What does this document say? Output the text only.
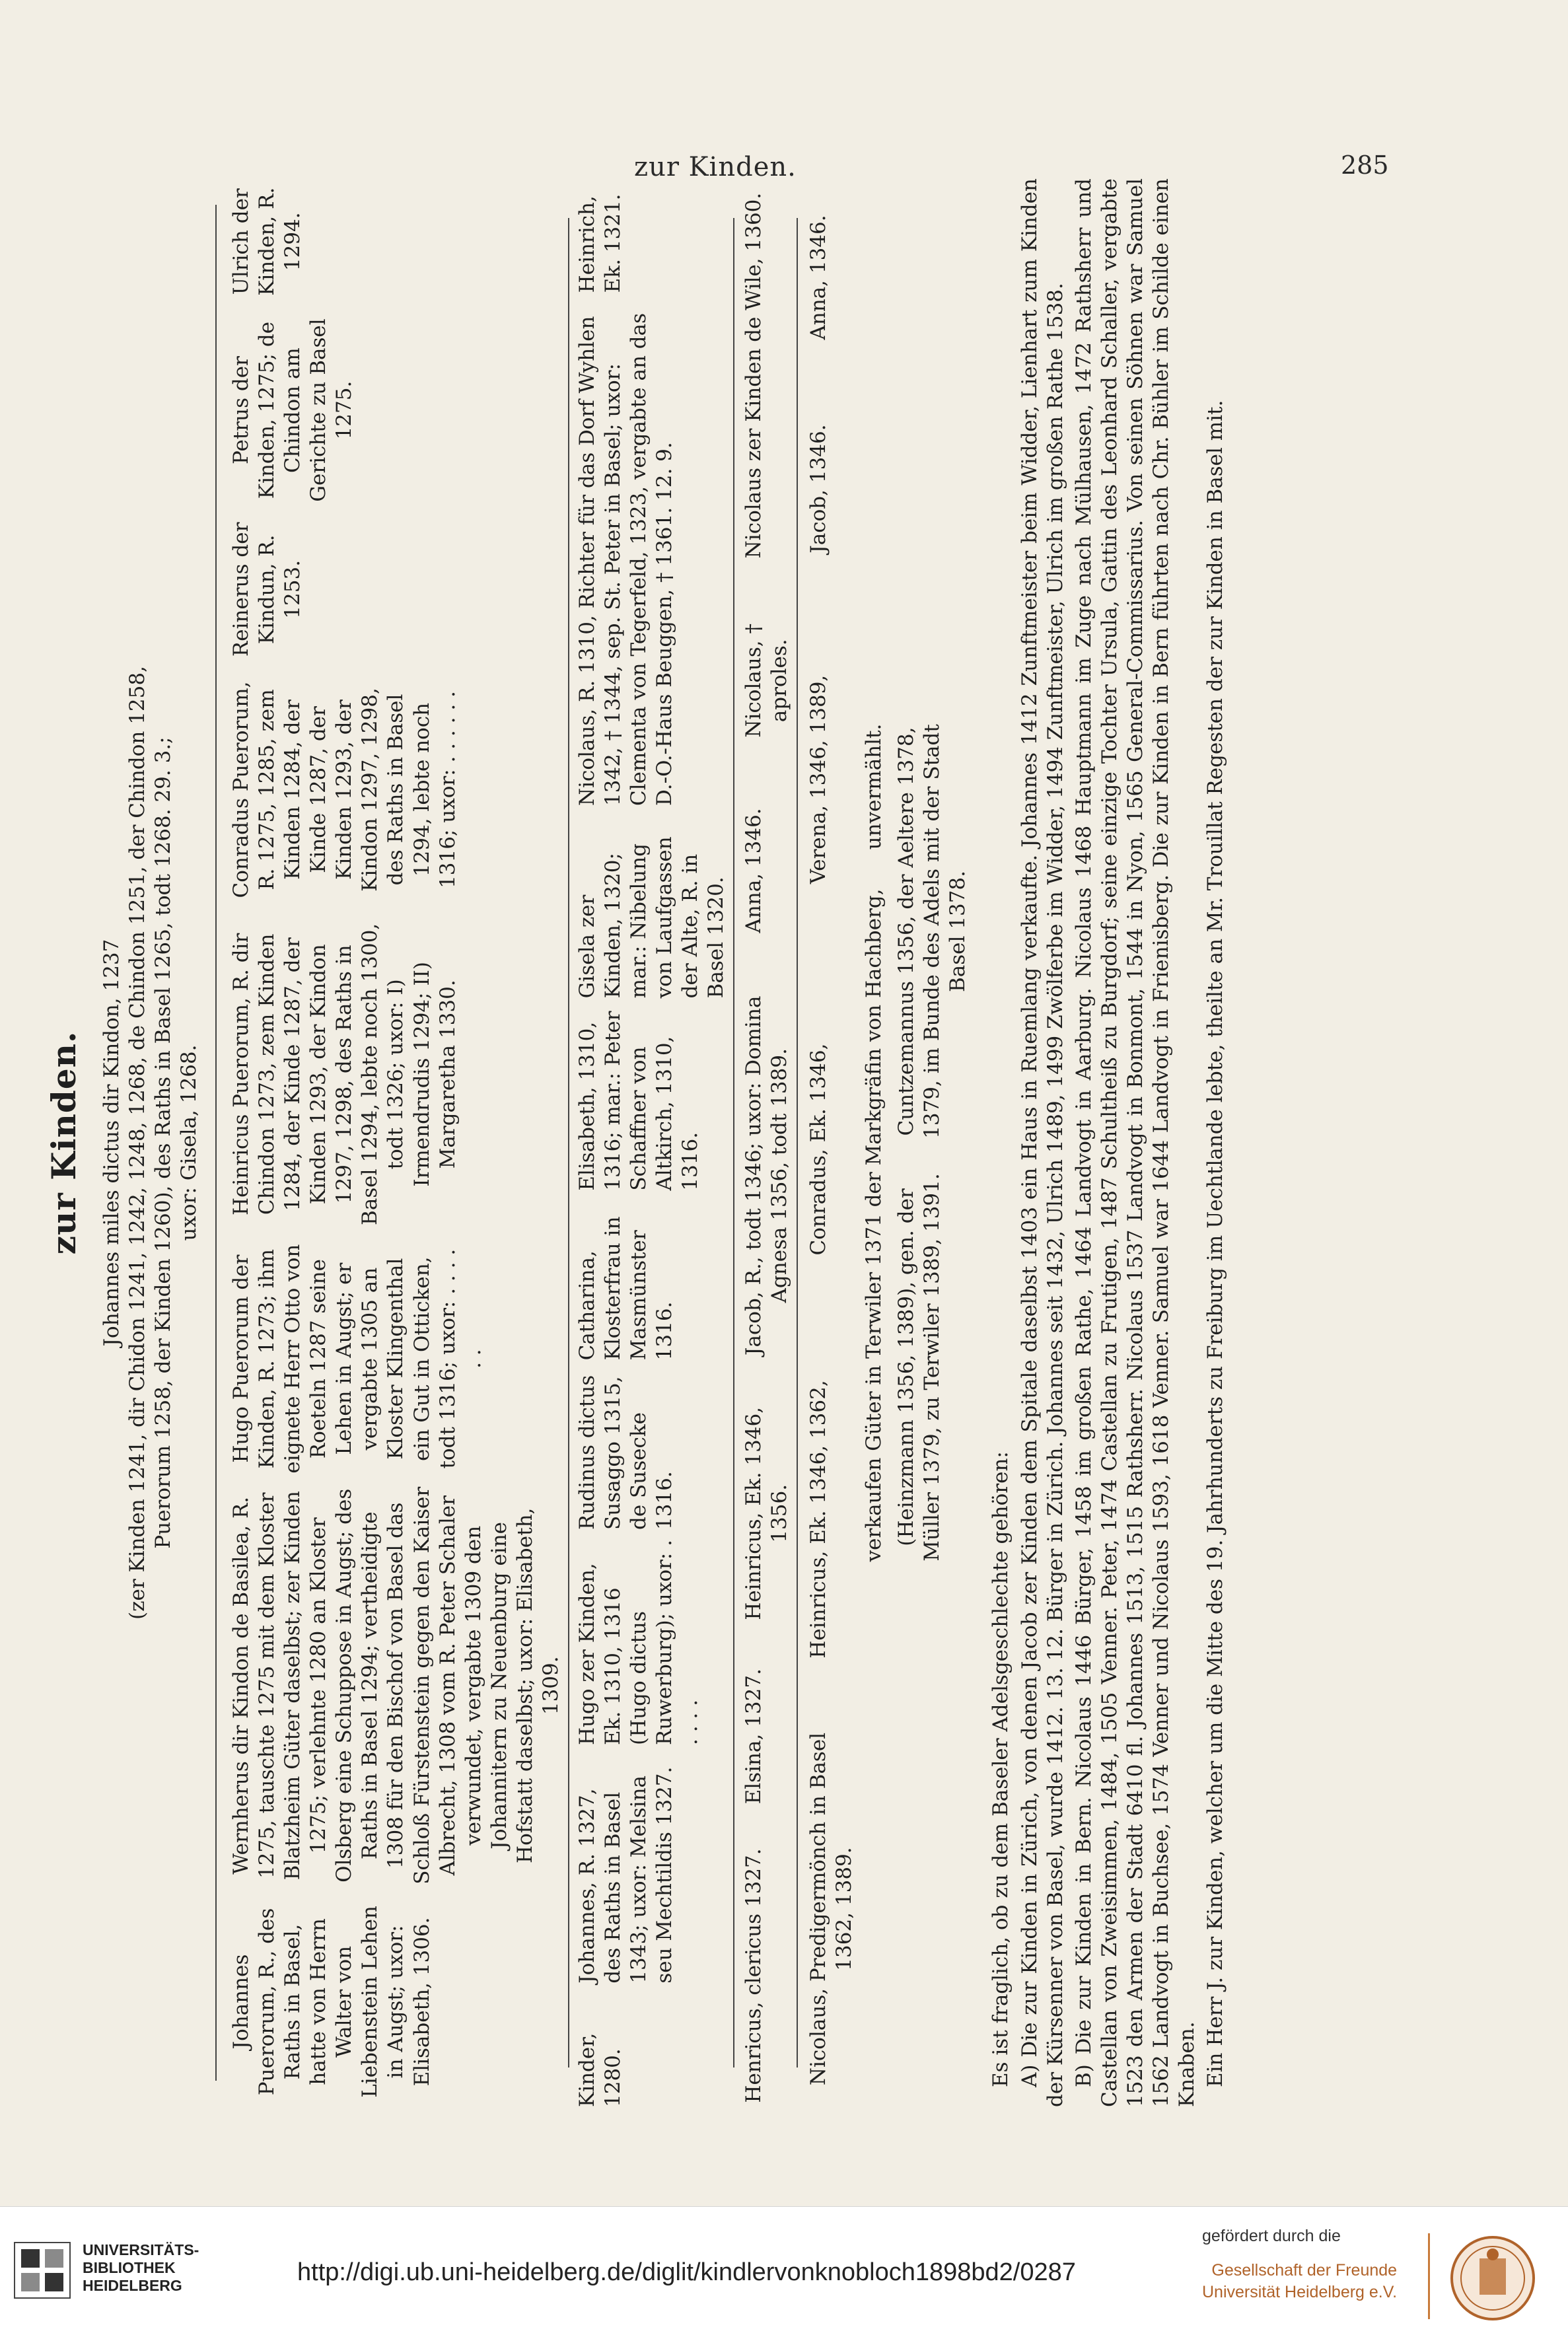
zur Kinden.	285
zur Kinden. Johannes miles dictus dir Kindon, 1237 (zer Kinden 1241, dir Chidon 1241, 1242, 1248, 1268, de Chindon 1251, der Chindon 1258, Puerorum 1258, der Kinden 1260), des Raths in Basel 1265, todt 1268. 29. 3.; uxor: Gisela, 1268.
Johannes Puerorum, R., des Raths in Basel, hatte von Herrn Walter von Liebenstein Lehen in Augst; uxor: Elisabeth, 1306.
Wernherus dir Kindon de Basilea, R. 1275, tauschte 1275 mit dem Kloster Blatzheim Güter daselbst; zer Kinden 1275; verlehnte 1280 an Kloster Olsberg eine Schuppose in Augst; des Raths in Basel 1294; vertheidigte 1308 für den Bischof von Basel das Schloß Fürstenstein gegen den Kaiser Albrecht, 1308 vom R. Peter Schaler verwundet, vergabte 1309 den Johannitern zu Neuenburg eine Hofstatt daselbst; uxor: Elisabeth, 1309.
Hugo Puerorum der Kinden, R. 1273; ihm eignete Herr Otto von Roeteln 1287 seine Lehen in Augst; er vergabte 1305 an Kloster Klingenthal ein Gut in Otticken, todt 1316; uxor: . . . . . .
Heinricus Puerorum, R. dir Chindon 1273, zem Kinden 1284, der Kinde 1287, der Kinden 1293, der Kindon 1297, 1298, des Raths in Basel 1294, lebte noch 1300, todt 1326; uxor: I) Irmendrudis 1294; II) Margaretha 1330.
Conradus Puerorum, R. 1275, 1285, zem Kinden 1284, der Kinde 1287, der Kinden 1293, der Kindon 1297, 1298, des Raths in Basel 1294, lebte noch 1316; uxor: . . . . . .
Reinerus der Kindun, R. 1253.
Petrus der Kinden, 1275; de Chindon am Gerichte zu Basel 1275.
Ulrich der Kinden, R. 1294.
Kinder, 1280.
Johannes, R. 1327, des Raths in Basel 1343; uxor: Melsina seu Mechtildis 1327.
Hugo zer Kinden, Ek. 1310, 1316 (Hugo dictus Ruwerburg); uxor: . . . . .
Rudinus dictus Susaggo 1315, de Susecke 1316.
Catharina, Klosterfrau in Masmünster 1316.
Elisabeth, 1310, 1316; mar.: Peter Schaffner von Altkirch, 1310, 1316.
Gisela zer Kinden, 1320; mar.: Nibelung von Laufgassen der Alte, R. in Basel 1320.
Nicolaus, R. 1310, Richter für das Dorf Wyhlen 1342, † 1344, sep. St. Peter in Basel; uxor: Clementa von Tegerfeld, 1323, vergabte an das D.-O.-Haus Beuggen, † 1361. 12. 9.
Heinrich, Ek. 1321.
Henricus, clericus 1327.
Elsina, 1327.
Heinricus, Ek. 1346, 1356.
Jacob, R., todt 1346; uxor: Domina Agnesa 1356, todt 1389.
Anna, 1346.
Nicolaus, † aproles.
Nicolaus zer Kinden de Wile, 1360.
Nicolaus, Predigermönch in Basel 1362, 1389.
Heinricus, Ek. 1346, 1362,
Conradus, Ek. 1346,
Verena, 1346, 1389,
Jacob, 1346.
Anna, 1346.
verkaufen Güter in Terwiler 1371 der Markgräfin von Hachberg,      unvermählt.
(Heinzmann 1356, 1389), gen. der Müller 1379, zu Terwiler 1389, 1391.
Cuntzemannus 1356, der Aeltere 1378, 1379, im Bunde des Adels mit der Stadt Basel 1378.

Es ist fraglich, ob zu dem Baseler Adelsgeschlechte gehören: A) Die zur Kinden in Zürich, von denen Jacob zer Kinden dem Spitale daselbst 1403 ein Haus in Ruemlang verkaufte. Johannes 1412 Zunftmeister beim Widder, Lienhart zum Kinden der Kürsenner von Basel, wurde 1412. 13. 12. Bürger in Zürich. Johannes seit 1432, Ulrich 1489, 1499 Zwölferbe im Widder, 1494 Zunftmeister, Ulrich im großen Rathe 1538. B) Die zur Kinden in Bern. Nicolaus 1446 Bürger, 1458 im großen Rathe, 1464 Landvogt in Aarburg. Nicolaus 1468 Hauptmann im Zuge nach Mülhausen, 1472 Rathsherr und Castellan von Zweisimmen, 1484, 1505 Venner. Peter, 1474 Castellan zu Frutigen, 1487 Schultheiß zu Burgdorf; seine einzige Tochter Ursula, Gattin des Leonhard Schaller, vergabte 1523 den Armen der Stadt 6410 fl. Johannes 1513, 1515 Rathsherr. Nicolaus 1537 Landvogt in Bonmont, 1544 in Nyon, 1565 General-Commissarius. Von seinen Söhnen war Samuel 1562 Landvogt in Buchsee, 1574 Venner und Nicolaus 1593, 1618 Venner. Samuel war 1644 Landvogt in Frienisberg. Die zur Kinden in Bern führten nach Chr. Bühler im Schilde einen Knaben. Ein Herr J. zur Kinden, welcher um die Mitte des 19. Jahrhunderts zu Freiburg im Uechtlande lebte, theilte an Mr. Trouillat Regesten der zur Kinden in Basel mit.

UNIVERSITÄTS-
BIBLIOTHEK
HEIDELBERG	http://digi.ub.uni-heidelberg.de/diglit/kindlervonknobloch1898bd2/0287
gefördert durch die
Gesellschaft der Freunde
Universität Heidelberg e.V.
